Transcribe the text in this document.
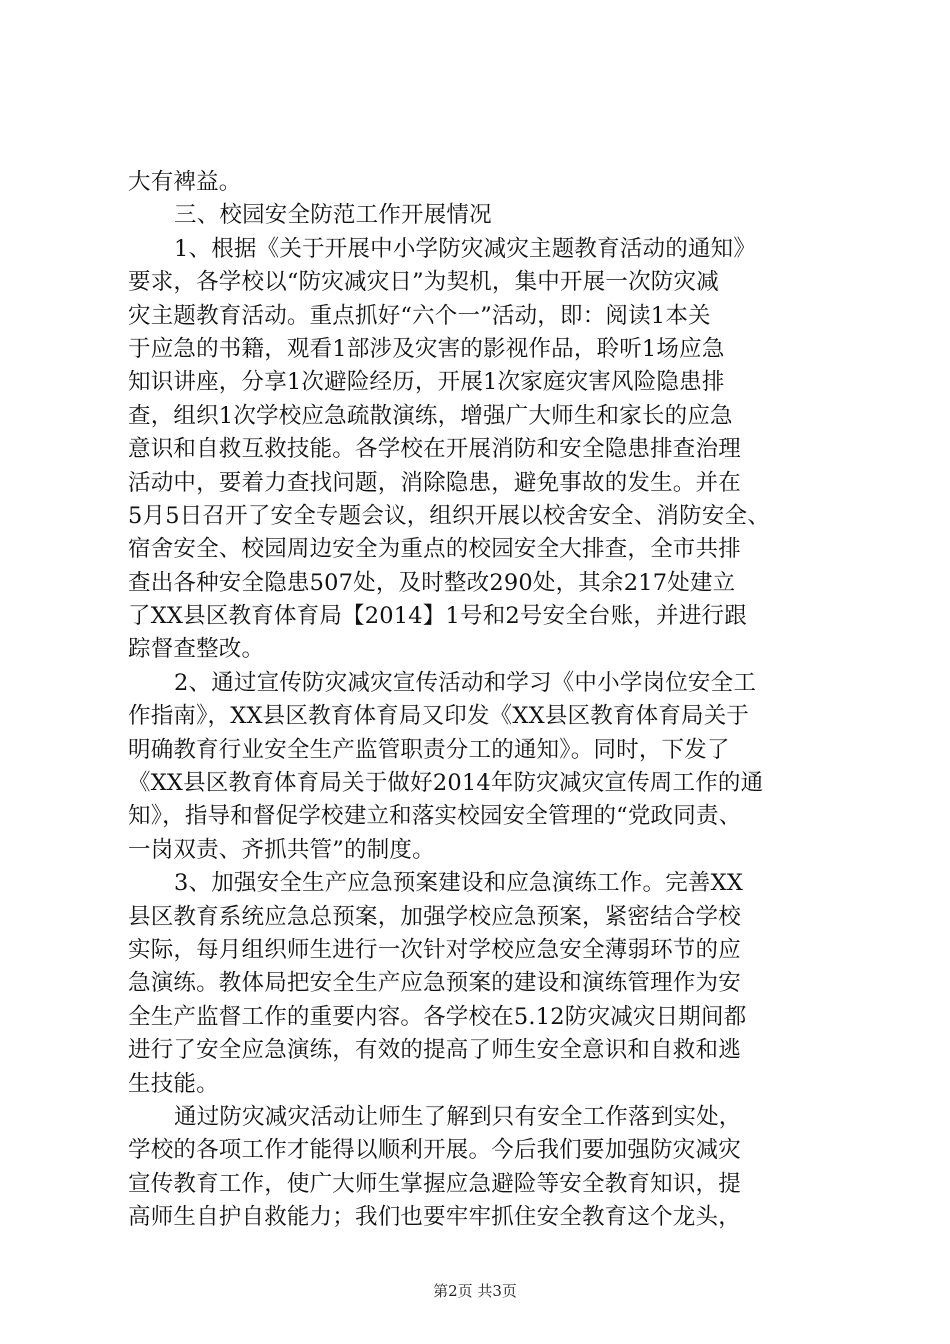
大有裨益。
三、校园安全防范工作开展情况
1、根据《关于开展中小学防灾减灾主题教育活动的通知》
要求，各学校以“防灾减灾日”为契机，集中开展一次防灾减
灾主题教育活动。重点抓好“六个一”活动，即：阅读1本关
于应急的书籍，观看1部涉及灾害的影视作品，聆听1场应急
知识讲座，分享1次避险经历，开展1次家庭灾害风险隐患排
查，组织1次学校应急疏散演练，增强广大师生和家长的应急
意识和自救互救技能。各学校在开展消防和安全隐患排查治理
活动中，要着力查找问题，消除隐患，避免事故的发生。并在
5月5日召开了安全专题会议，组织开展以校舍安全、消防安全、
宿舍安全、校园周边安全为重点的校园安全大排查，全市共排
查出各种安全隐患507处，及时整改290处，其余217处建立
了XX县区教育体育局【2014】1号和2号安全台账，并进行跟
踪督查整改。
2、通过宣传防灾减灾宣传活动和学习《中小学岗位安全工
作指南》，XX县区教育体育局又印发《XX县区教育体育局关于
明确教育行业安全生产监管职责分工的通知》。同时，下发了
《XX县区教育体育局关于做好2014年防灾减灾宣传周工作的通
知》，指导和督促学校建立和落实校园安全管理的“党政同责、
一岗双责、齐抓共管”的制度。
3、加强安全生产应急预案建设和应急演练工作。完善XX
县区教育系统应急总预案，加强学校应急预案，紧密结合学校
实际，每月组织师生进行一次针对学校应急安全薄弱环节的应
急演练。教体局把安全生产应急预案的建设和演练管理作为安
全生产监督工作的重要内容。各学校在5.12防灾减灾日期间都
进行了安全应急演练，有效的提高了师生安全意识和自救和逃
生技能。
通过防灾减灾活动让师生了解到只有安全工作落到实处，
学校的各项工作才能得以顺利开展。今后我们要加强防灾减灾
宣传教育工作，使广大师生掌握应急避险等安全教育知识，提
高师生自护自救能力；我们也要牢牢抓住安全教育这个龙头，
第2页 共3页
